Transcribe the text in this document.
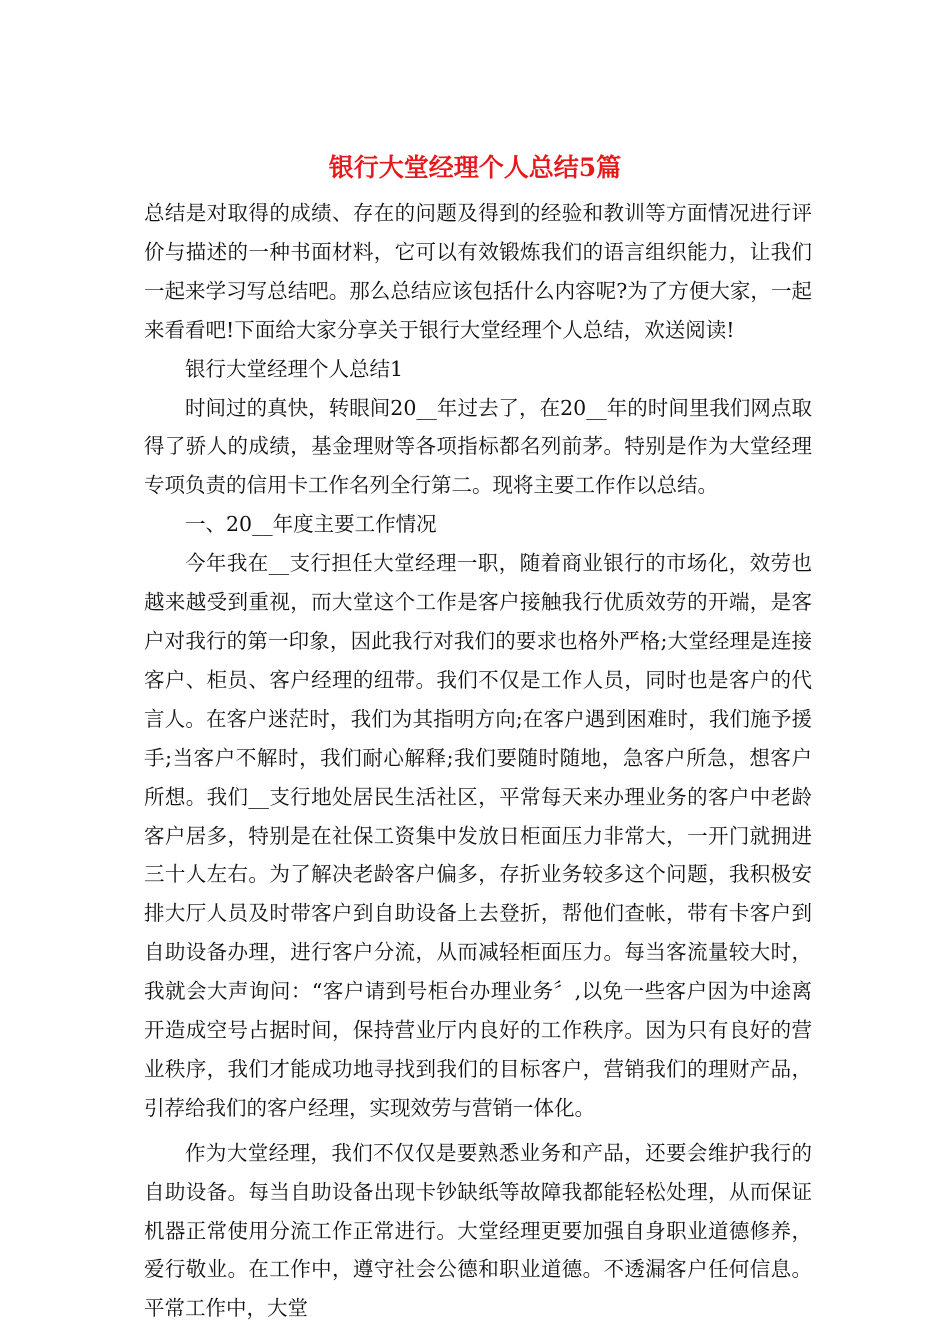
银行大堂经理个人总结5篇

总结是对取得的成绩、存在的问题及得到的经验和教训等方面情况进行评价与描述的一种书面材料，它可以有效锻炼我们的语言组织能力，让我们一起来学习写总结吧。那么总结应该包括什么内容呢?为了方便大家，一起来看看吧!下面给大家分享关于银行大堂经理个人总结，欢送阅读!

银行大堂经理个人总结1

时间过的真快，转眼间20__年过去了，在20__年的时间里我们网点取得了骄人的成绩，基金理财等各项指标都名列前茅。特别是作为大堂经理专项负责的信用卡工作名列全行第二。现将主要工作作以总结。

一、20__年度主要工作情况

今年我在__支行担任大堂经理一职，随着商业银行的市场化，效劳也越来越受到重视，而大堂这个工作是客户接触我行优质效劳的开端，是客户对我行的第一印象，因此我行对我们的要求也格外严格;大堂经理是连接客户、柜员、客户经理的纽带。我们不仅是工作人员，同时也是客户的代言人。在客户迷茫时，我们为其指明方向;在客户遇到困难时，我们施予援手;当客户不解时，我们耐心解释;我们要随时随地，急客户所急，想客户所想。我们__支行地处居民生活社区，平常每天来办理业务的客户中老龄客户居多，特别是在社保工资集中发放日柜面压力非常大，一开门就拥进三十人左右。为了解决老龄客户偏多，存折业务较多这个问题，我积极安排大厅人员及时带客户到自助设备上去登折，帮他们查帐，带有卡客户到自助设备办理，进行客户分流，从而减轻柜面压力。每当客流量较大时，我就会大声询问：“客户请到号柜台办理业务〞,以免一些客户因为中途离开造成空号占据时间，保持营业厅内良好的工作秩序。因为只有良好的营业秩序，我们才能成功地寻找到我们的目标客户，营销我们的理财产品，引荐给我们的客户经理，实现效劳与营销一体化。

作为大堂经理，我们不仅仅是要熟悉业务和产品，还要会维护我行的自助设备。每当自助设备出现卡钞缺纸等故障我都能轻松处理，从而保证机器正常使用分流工作正常进行。大堂经理更要加强自身职业道德修养，爱行敬业。在工作中，遵守社会公德和职业道德。不透漏客户任何信息。平常工作中，大堂
